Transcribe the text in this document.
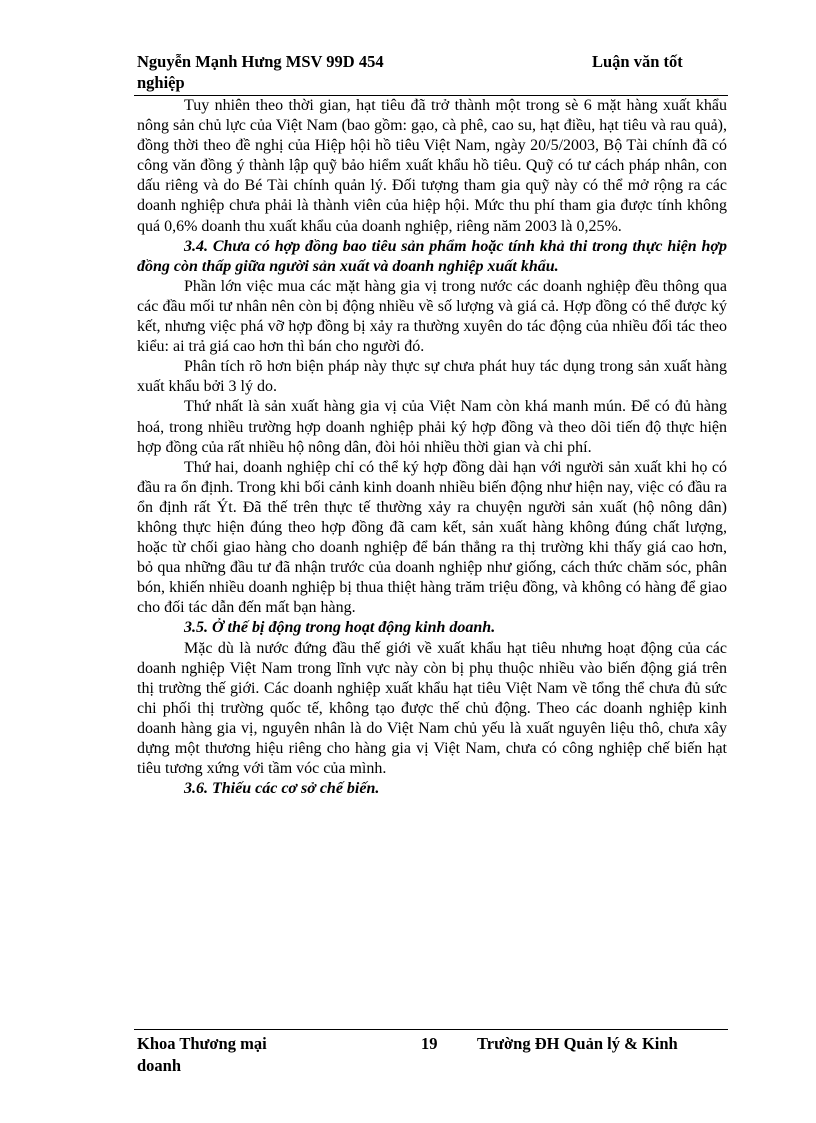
Nguyễn Mạnh Hưng MSV 99D 454	Luận văn tốt
nghiệp

Tuy nhiên theo thời gian, hạt tiêu đã trở thành một trong sè 6 mặt hàng xuất khẩu nông sản chủ lực của Việt Nam (bao gồm: gạo, cà phê, cao su, hạt điều, hạt tiêu và rau quả), đồng thời theo đề nghị của Hiệp hội hồ tiêu Việt Nam, ngày 20/5/2003, Bộ Tài chính đã có công văn đồng ý thành lập quỹ bảo hiểm xuất khẩu hồ tiêu. Quỹ có tư cách pháp nhân, con dấu riêng và do Bé Tài chính quản lý. Đối tượng tham gia quỹ này có thể mở rộng ra các doanh nghiệp chưa phải là thành viên của hiệp hội. Mức thu phí tham gia được tính không quá 0,6% doanh thu xuất khẩu của doanh nghiệp, riêng năm 2003 là 0,25%.

3.4. Chưa có hợp đồng bao tiêu sản phẩm hoặc tính khả thi trong thực hiện hợp đồng còn thấp giữa người sản xuất và doanh nghiệp xuất khẩu.

Phần lớn việc mua các mặt hàng gia vị trong nước các doanh nghiệp đều thông qua các đầu mối tư nhân nên còn bị động nhiều về số lượng và giá cả. Hợp đồng có thể được ký kết, nhưng việc phá vỡ hợp đồng bị xảy ra thường xuyên do tác động của nhiều đối tác theo kiểu: ai trả giá cao hơn thì bán cho người đó.

Phân tích rõ hơn biện pháp này thực sự chưa phát huy tác dụng trong sản xuất hàng xuất khẩu bởi 3 lý do.

Thứ nhất là sản xuất hàng gia vị của Việt Nam còn khá manh mún. Để có đủ hàng hoá, trong nhiều trường hợp doanh nghiệp phải ký hợp đồng và theo dõi tiến độ thực hiện hợp đồng của rất nhiều hộ nông dân, đòi hỏi nhiều thời gian và chi phí.

Thứ hai, doanh nghiệp chỉ có thể ký hợp đồng dài hạn với người sản xuất khi họ có đầu ra ổn định. Trong khi bối cảnh kinh doanh nhiều biến động như hiện nay, việc có đầu ra ổn định rất Ýt. Đã thế trên thực tế thường xảy ra chuyện người sản xuất (hộ nông dân) không thực hiện đúng theo hợp đồng đã cam kết, sản xuất hàng không đúng chất lượng, hoặc từ chối giao hàng cho doanh nghiệp để bán thẳng ra thị trường khi thấy giá cao hơn, bỏ qua những đầu tư đã nhận trước của doanh nghiệp như giống, cách thức chăm sóc, phân bón, khiến nhiều doanh nghiệp bị thua thiệt hàng trăm triệu đồng, và không có hàng để giao cho đối tác dẫn đến mất bạn hàng.

3.5. Ở thế bị động trong hoạt động kinh doanh.

Mặc dù là nước đứng đầu thế giới về xuất khẩu hạt tiêu nhưng hoạt động của các doanh nghiệp Việt Nam trong lĩnh vực này còn bị phụ thuộc nhiều vào biến động giá trên thị trường thế giới. Các doanh nghiệp xuất khẩu hạt tiêu Việt Nam về tổng thể chưa đủ sức chi phối thị trường quốc tế, không tạo được thế chủ động. Theo các doanh nghiệp kinh doanh hàng gia vị, nguyên nhân là do Việt Nam chủ yếu là xuất nguyên liệu thô, chưa xây dựng một thương hiệu riêng cho hàng gia vị Việt Nam, chưa có công nghiệp chế biến hạt tiêu tương xứng với tầm vóc của mình.

3.6. Thiếu các cơ sở chế biến.

Khoa Thương mại	19 Trường ĐH Quản lý & Kinh
doanh
